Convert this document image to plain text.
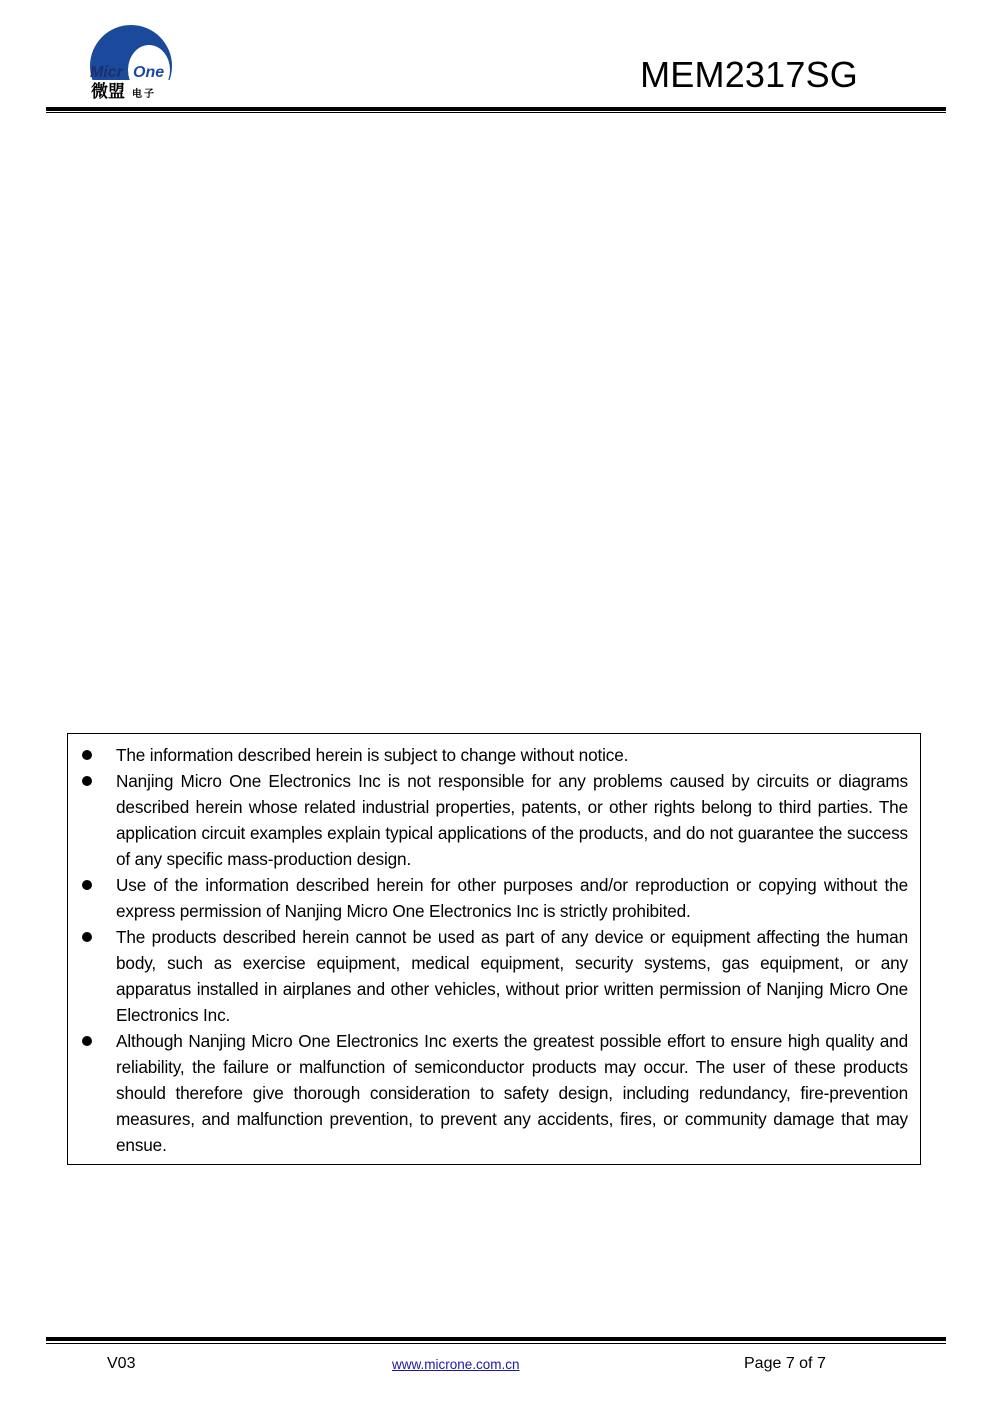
Micr One
微盟 电子	MEM2317SG
The information described herein is subject to change without notice.
Nanjing Micro One Electronics Inc is not responsible for any problems caused by circuits or diagrams described herein whose related industrial properties, patents, or other rights belong to third parties. The application circuit examples explain typical applications of the products, and do not guarantee the success of any specific mass-production design.
Use of the information described herein for other purposes and/or reproduction or copying without the express permission of Nanjing Micro One Electronics Inc is strictly prohibited.
The products described herein cannot be used as part of any device or equipment affecting the human body, such as exercise equipment, medical equipment, security systems, gas equipment, or any apparatus installed in airplanes and other vehicles, without prior written permission of Nanjing Micro One Electronics Inc.
Although Nanjing Micro One Electronics Inc exerts the greatest possible effort to ensure high quality and reliability, the failure or malfunction of semiconductor products may occur. The user of these products should therefore give thorough consideration to safety design, including redundancy, fire-prevention measures, and malfunction prevention, to prevent any accidents, fires, or community damage that may ensue.
V03	www.microne.com.cn	Page 7 of 7
